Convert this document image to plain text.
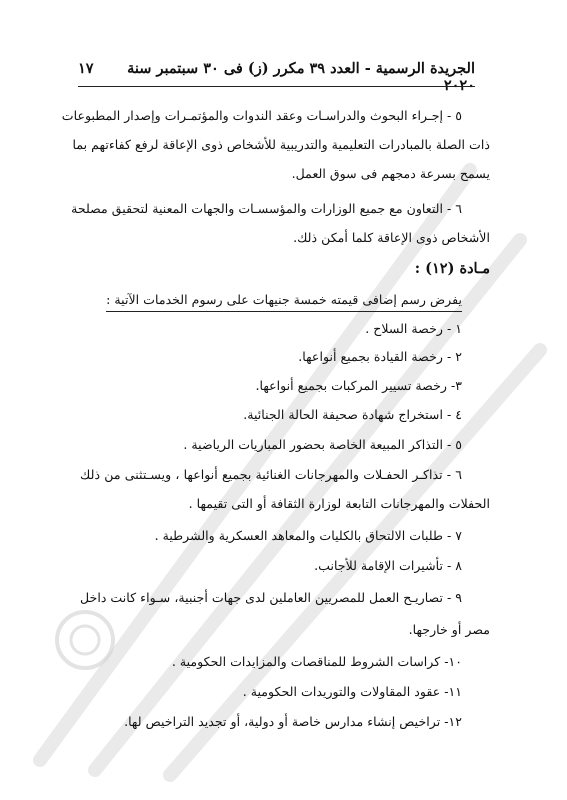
الجريدة الرسمية - العدد ٣٩ مكرر (ز) فى ٣٠ سبتمبر سنة ٢٠٢٠
١٧
٥ - إجـراء البحوث والدراسـات وعقد الندوات والمؤتمـرات وإصدار المطبوعات
ذات الصلة بالمبادرات التعليمية والتدريبية للأشخاص ذوى الإعاقة لرفع كفاءتهم بما
يسمح بسرعة دمجهم فى سوق العمل.
٦ - التعاون مع جميع الوزارات والمؤسسـات والجهات المعنية لتحقيق مصلحة
الأشخاص ذوى الإعاقة كلما أمكن ذلك.
مـادة (١٢) :
يفرض رسم إضافى قيمته خمسة جنيهات على رسوم الخدمات الآتية :
١ - رخصة السلاح .
٢ - رخصة القيادة بجميع أنواعها.
٣- رخصة تسيير المركبات بجميع أنواعها.
٤ - استخراج شهادة صحيفة الحالة الجنائية.
٥ - التذاكر المبيعة الخاصة بحضور المباريات الرياضية .
٦ - تذاكـر الحفـلات والمهرجانات الغنائية بجميع أنواعها ، ويسـتثنى من ذلك
الحفلات والمهرجانات التابعة لوزارة الثقافة أو التى تقيمها .
٧ - طلبات الالتحاق بالكليات والمعاهد العسكرية والشرطية .
٨ - تأشيرات الإقامة للأجانب.
٩ - تصاريـح العمل للمصريين العاملين لدى جهات أجنبية، سـواء كانت داخل
مصر أو خارجها.
١٠- كراسات الشروط للمناقصات والمزايدات الحكومية .
١١- عقود المقاولات والتوريدات الحكومية .
١٢- تراخيص إنشاء مدارس خاصة أو دولية، أو تجديد التراخيص لها.
